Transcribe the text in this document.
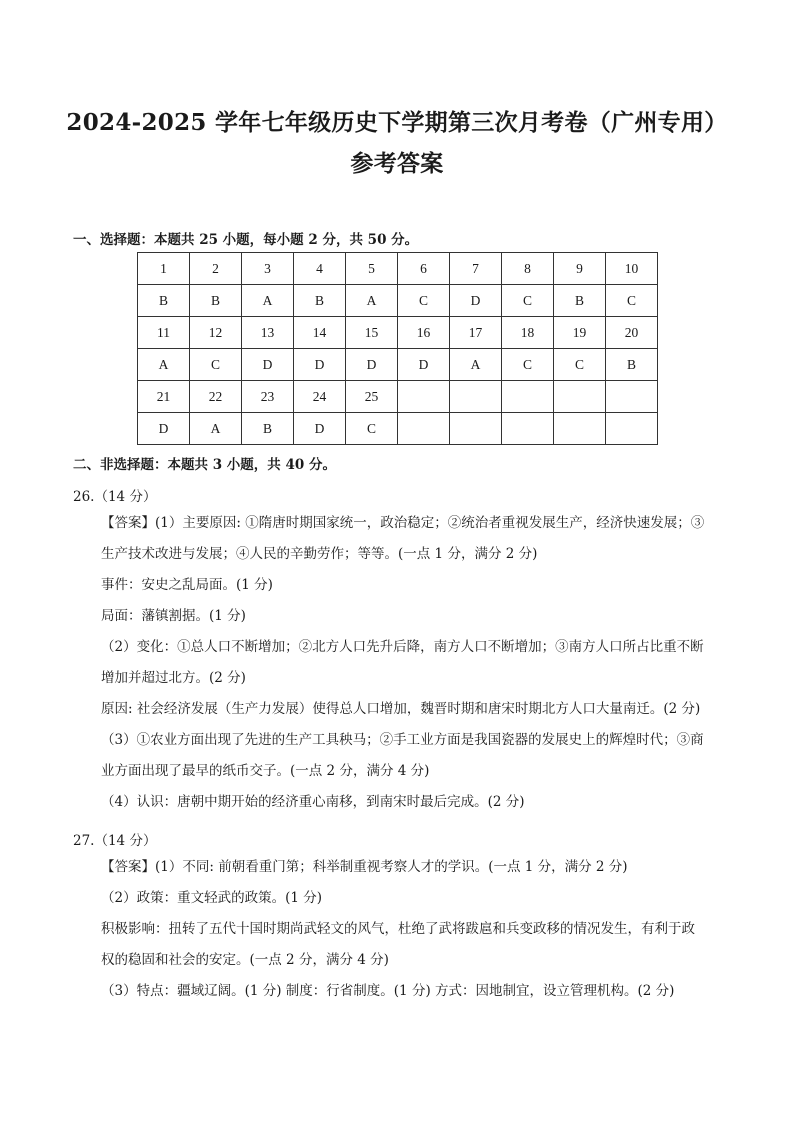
2024-2025 学年七年级历史下学期第三次月考卷（广州专用）
参考答案
一、选择题：本题共 25 小题，每小题 2 分，共 50 分。
1	2	3	4	5	6	7	8	9	10
B	B	A	B	A	C	D	C	B	C
11	12	13	14	15	16	17	18	19	20
A	C	D	D	D	D	A	C	C	B
21	22	23	24	25					
D	A	B	D	C					
二、非选择题：本题共 3 小题，共 40 分。
26.（14 分）
【答案】(1）主要原因: ①隋唐时期国家统一，政治稳定；②统治者重视发展生产，经济快速发展；③
生产技术改进与发展；④人民的辛勤劳作；等等。(一点 1 分，满分 2 分)
事件：安史之乱局面。(1 分)
局面：藩镇割据。(1 分)
（2）变化：①总人口不断增加；②北方人口先升后降，南方人口不断增加；③南方人口所占比重不断
增加并超过北方。(2 分)
原因: 社会经济发展（生产力发展）使得总人口增加，魏晋时期和唐宋时期北方人口大量南迁。(2 分)
（3）①农业方面出现了先进的生产工具秧马；②手工业方面是我国瓷器的发展史上的辉煌时代；③商
业方面出现了最早的纸币交子。(一点 2 分，满分 4 分)
（4）认识：唐朝中期开始的经济重心南移，到南宋时最后完成。(2 分)
27.（14 分）
【答案】(1）不同: 前朝看重门第；科举制重视考察人才的学识。(一点 1 分，满分 2 分)
（2）政策：重文轻武的政策。(1 分)
积极影响：扭转了五代十国时期尚武轻文的风气，杜绝了武将跋扈和兵变政移的情况发生，有利于政
权的稳固和社会的安定。(一点 2 分，满分 4 分)
（3）特点：疆域辽阔。(1 分) 制度：行省制度。(1 分) 方式：因地制宜，设立管理机构。(2 分)
